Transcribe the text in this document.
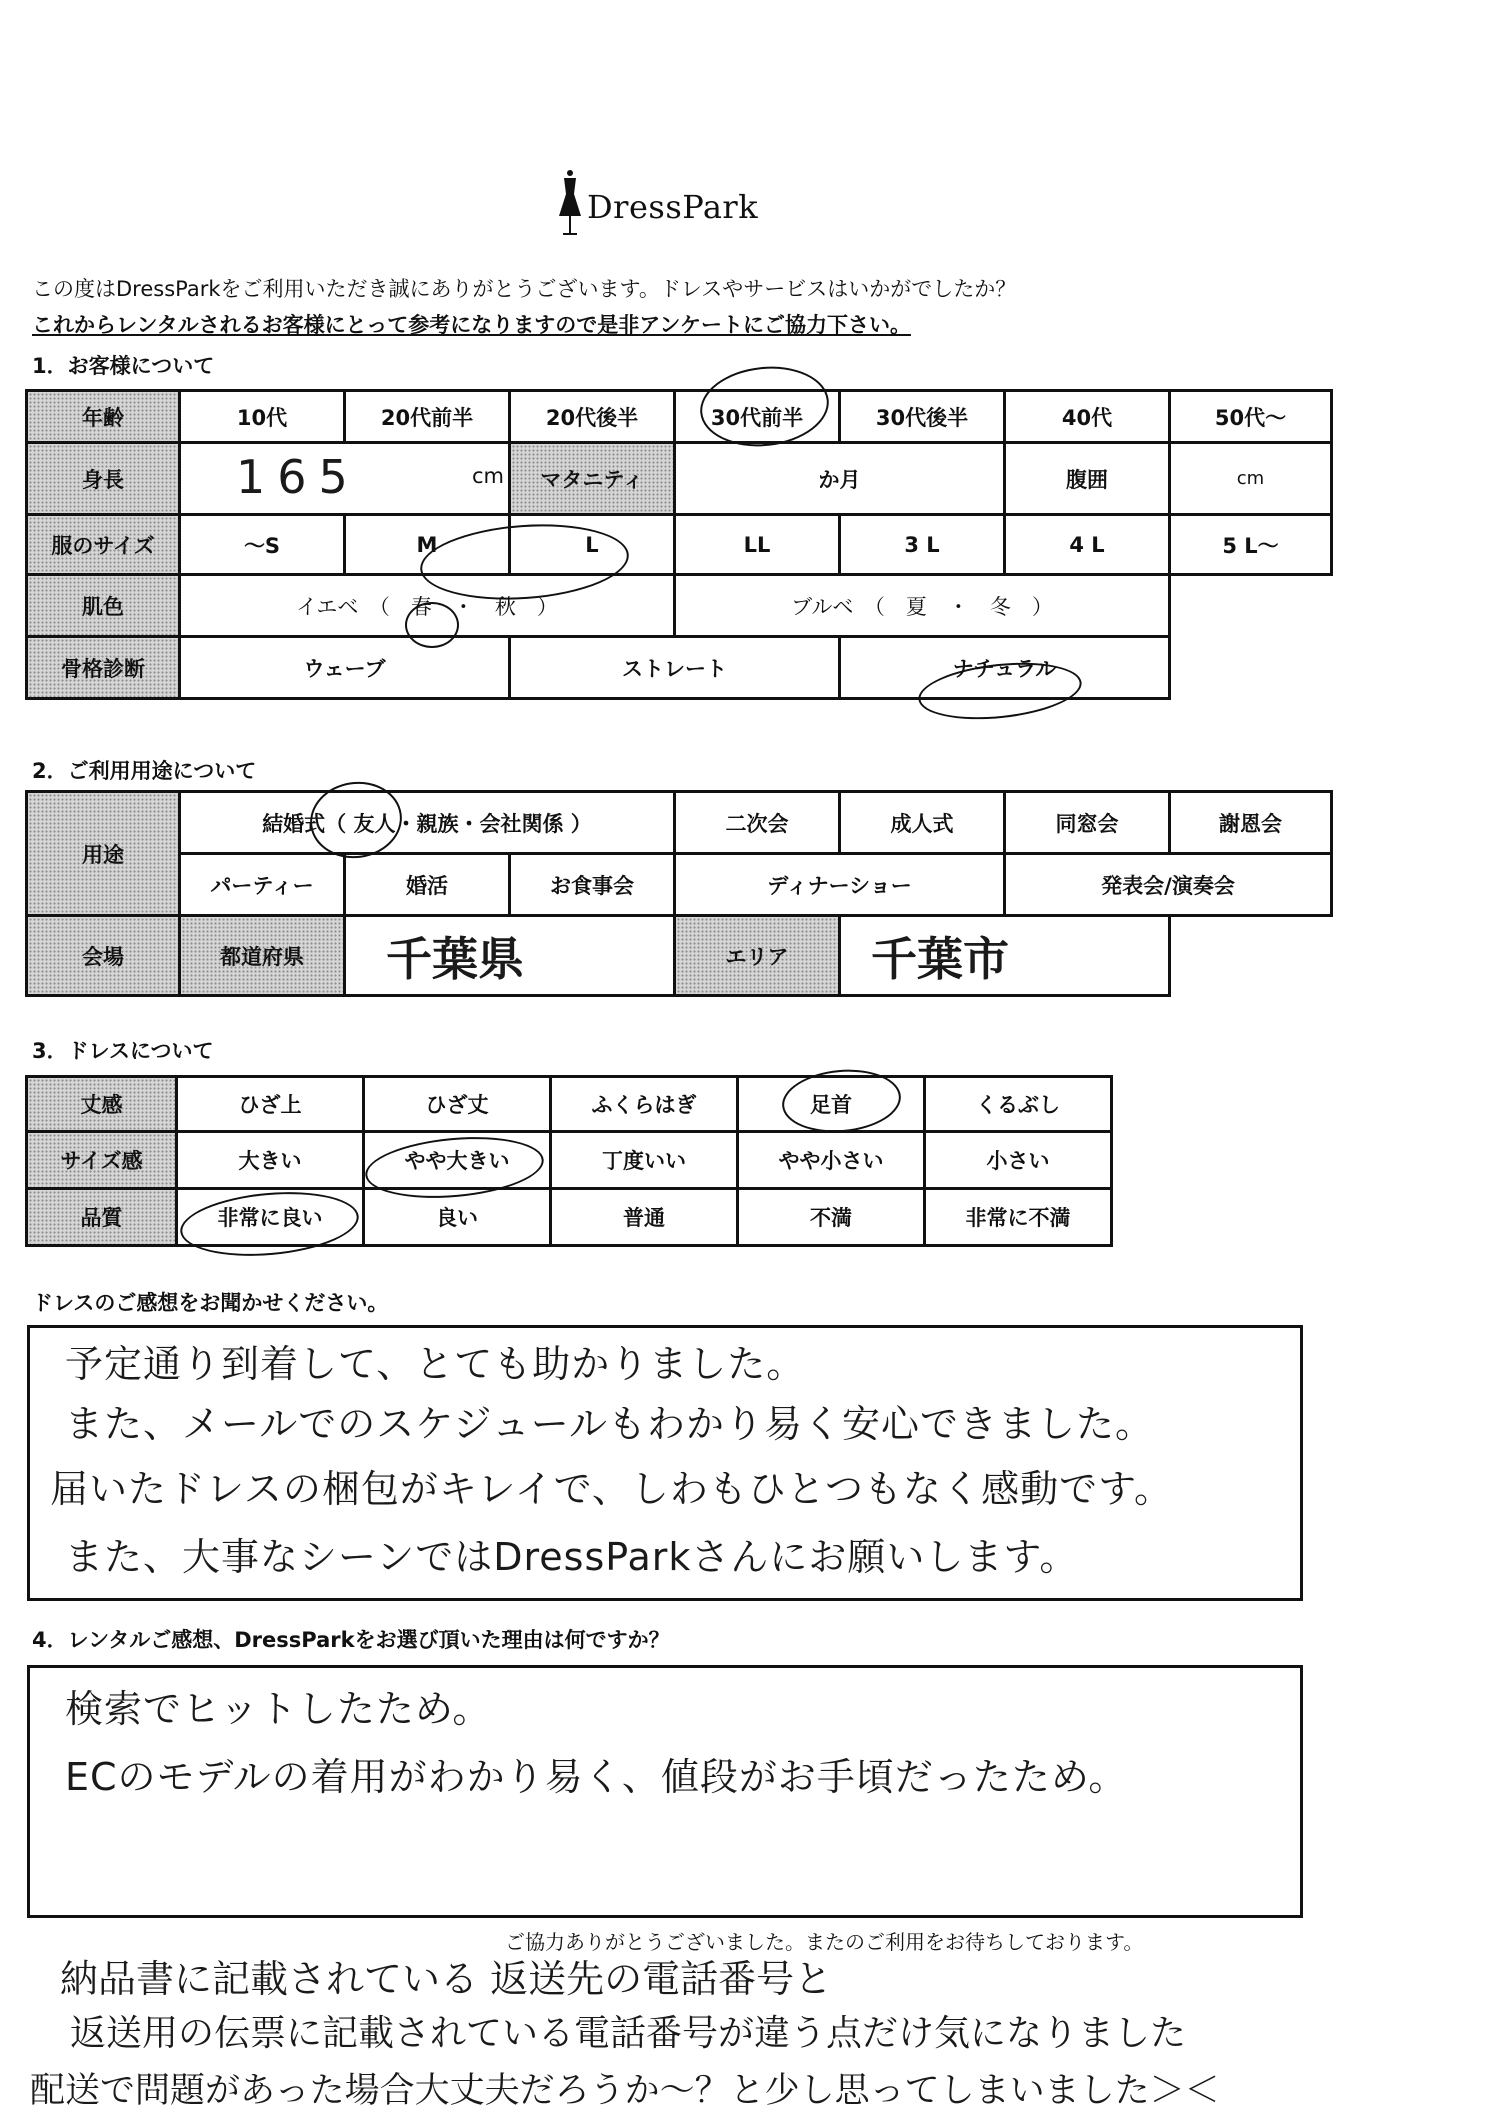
DressPark
この度はDressParkをご利用いただき誠にありがとうございます。ドレスやサービスはいかがでしたか？
これからレンタルされるお客様にとって参考になりますので是非アンケートにご協力下さい。
1．お客様について
年齢	10代	20代前半	20代後半	30代前半	30代後半	40代	50代～
身長	165 cm		マタニティ	か月		腹囲	cm
服のサイズ	～S	M	L	LL	3 L	4 L	5 L～
肌色	イエベ　（　春　・　秋　）			ブルベ　（　夏　・　冬　）			
骨格診断	ウェーブ		ストレート		ナチュラル		
2．ご利用用途について
用途	結婚式（ 友人・親族・会社関係 ）			二次会	成人式	同窓会	謝恩会
	パーティー	婚活	お食事会	ディナーショー		発表会/演奏会	
会場	都道府県	千葉県		エリア	千葉市		
3．ドレスについて
丈感	ひざ上	ひざ丈	ふくらはぎ	足首	くるぶし
サイズ感	大きい	やや大きい	丁度いい	やや小さい	小さい
品質	非常に良い	良い	普通	不満	非常に不満
ドレスのご感想をお聞かせください。
予定通り到着して、とても助かりました。
また、メールでのスケジュールもわかり易く安心できました。
届いたドレスの梱包がキレイで、しわもひとつもなく感動です。
また、大事なシーンではDressParkさんにお願いします。
4．レンタルご感想、DressParkをお選び頂いた理由は何ですか？
検索でヒットしたため。
ECのモデルの着用がわかり易く、値段がお手頃だったため。
ご協力ありがとうございました。またのご利用をお待ちしております。
納品書に記載されている 返送先の電話番号と
返送用の伝票に記載されている電話番号が違う点だけ気になりました
配送で問題があった場合大丈夫だろうか～？と少し思ってしまいました＞＜
